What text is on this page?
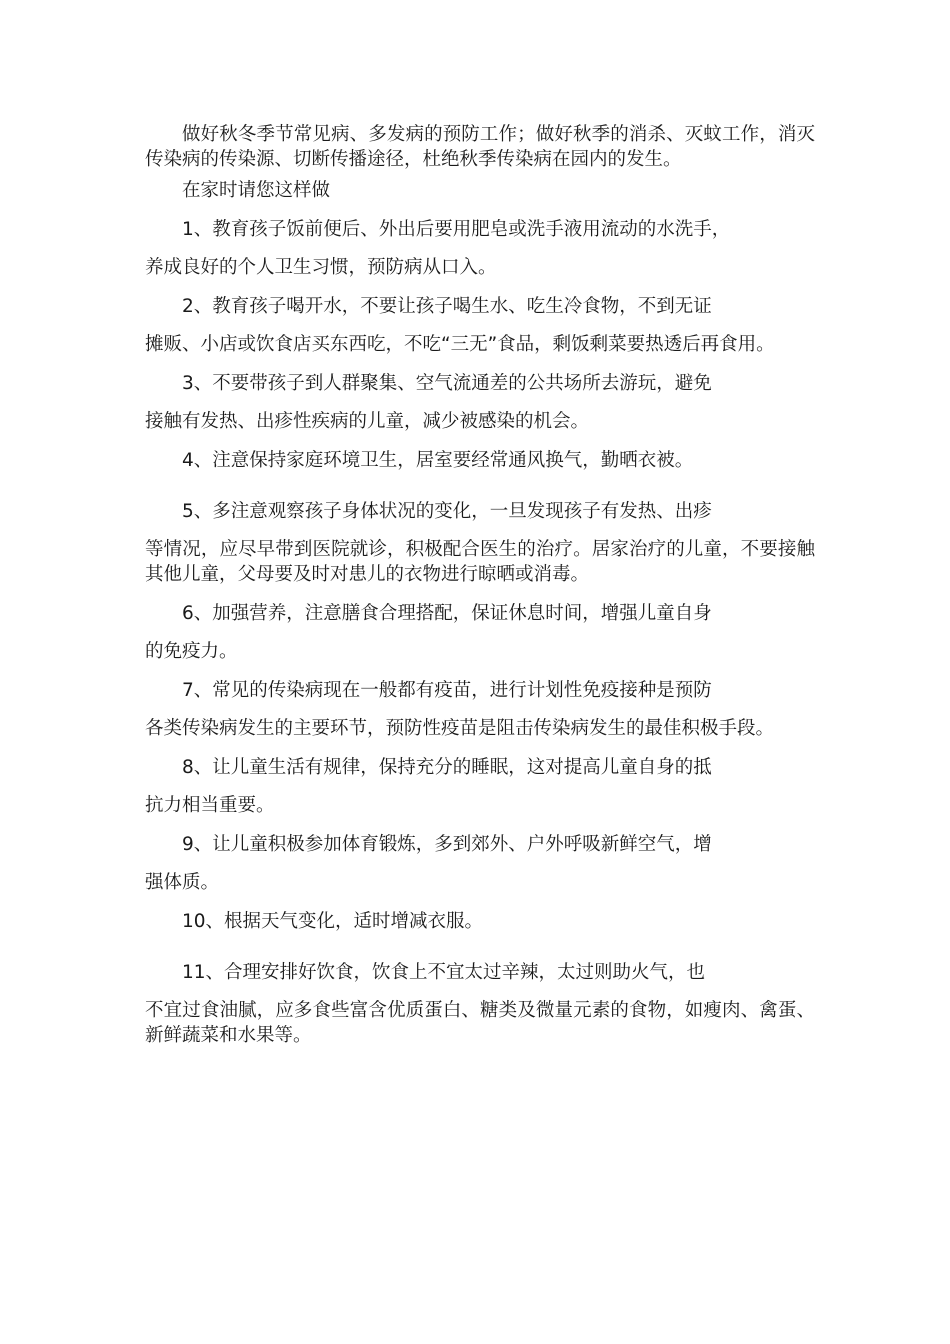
做好秋冬季节常见病、多发病的预防工作；做好秋季的消杀、灭蚊工作，消灭传染病的传染源、切断传播途径，杜绝秋季传染病在园内的发生。

在家时请您这样做

1、教育孩子饭前便后、外出后要用肥皂或洗手液用流动的水洗手，
养成良好的个人卫生习惯，预防病从口入。
2、教育孩子喝开水，不要让孩子喝生水、吃生冷食物，不到无证
摊贩、小店或饮食店买东西吃，不吃“三无”食品，剩饭剩菜要热透后再食用。
3、不要带孩子到人群聚集、空气流通差的公共场所去游玩，避免
接触有发热、出疹性疾病的儿童，减少被感染的机会。
4、注意保持家庭环境卫生，居室要经常通风换气，勤晒衣被。
5、多注意观察孩子身体状况的变化，一旦发现孩子有发热、出疹
等情况，应尽早带到医院就诊，积极配合医生的治疗。居家治疗的儿童，不要接触其他儿童，父母要及时对患儿的衣物进行晾晒或消毒。
6、加强营养，注意膳食合理搭配，保证休息时间，增强儿童自身
的免疫力。
7、常见的传染病现在一般都有疫苗，进行计划性免疫接种是预防
各类传染病发生的主要环节，预防性疫苗是阻击传染病发生的最佳积极手段。
8、让儿童生活有规律，保持充分的睡眠，这对提高儿童自身的抵
抗力相当重要。
9、让儿童积极参加体育锻炼，多到郊外、户外呼吸新鲜空气，增
强体质。
10、根据天气变化，适时增减衣服。
11、合理安排好饮食，饮食上不宜太过辛辣，太过则助火气，也
不宜过食油腻，应多食些富含优质蛋白、糖类及微量元素的食物，如瘦肉、禽蛋、新鲜蔬菜和水果等。
